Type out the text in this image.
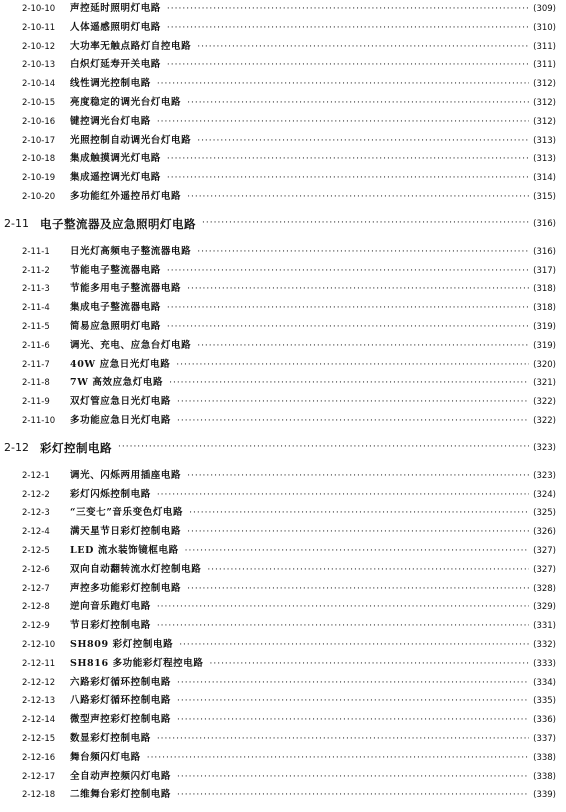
2-10-10	声控延时照明灯电路 ·····	(309)
2-10-11	人体遥感照明灯电路 ·····	(310)
2-10-12	大功率无触点路灯自控电路 ·····	(311)
2-10-13	白炽灯延寿开关电路 ·····	(311)
2-10-14	线性调光控制电路 ·····	(312)
2-10-15	亮度稳定的调光台灯电路 ·····	(312)
2-10-16	键控调光台灯电路 ·····	(312)
2-10-17	光照控制自动调光台灯电路 ·····	(313)
2-10-18	集成触摸调光灯电路 ·····	(313)
2-10-19	集成遥控调光灯电路 ·····	(314)
2-10-20	多功能红外遥控吊灯电路 ·····	(315)
2-11 电子整流器及应急照明灯电路 ·····	(316)
2-11-1	日光灯高频电子整流器电路 ·····	(316)
2-11-2	节能电子整流器电路 ·····	(317)
2-11-3	节能多用电子整流器电路 ·····	(318)
2-11-4	集成电子整流器电路 ·····	(318)
2-11-5	简易应急照明灯电路 ·····	(319)
2-11-6	调光、充电、应急台灯电路 ·····	(319)
2-11-7	40W 应急日光灯电路 ·····	(320)
2-11-8	7W 高效应急灯电路 ·····	(321)
2-11-9	双灯管应急日光灯电路 ·····	(322)
2-11-10	多功能应急日光灯电路 ·····	(322)
2-12 彩灯控制电路 ·····	(323)
2-12-1	调光、闪烁两用插座电路 ·····	(323)
2-12-2	彩灯闪烁控制电路 ·····	(324)
2-12-3	“三变七”音乐变色灯电路 ·····	(325)
2-12-4	满天星节日彩灯控制电路 ·····	(326)
2-12-5	LED 流水装饰镜框电路 ·····	(327)
2-12-6	双向自动翻转流水灯控制电路 ·····	(327)
2-12-7	声控多功能彩灯控制电路 ·····	(328)
2-12-8	逆向音乐跑灯电路 ·····	(329)
2-12-9	节日彩灯控制电路 ·····	(331)
2-12-10	SH809 彩灯控制电路 ·····	(332)
2-12-11	SH816 多功能彩灯程控电路 ·····	(333)
2-12-12	六路彩灯循环控制电路 ·····	(334)
2-12-13	八路彩灯循环控制电路 ·····	(335)
2-12-14	微型声控彩灯控制电路 ·····	(336)
2-12-15	数显彩灯控制电路 ·····	(337)
2-12-16	舞台频闪灯电路 ·····	(338)
2-12-17	全自动声控频闪灯电路 ·····	(338)
2-12-18	二维舞台彩灯控制电路 ·····	(339)
